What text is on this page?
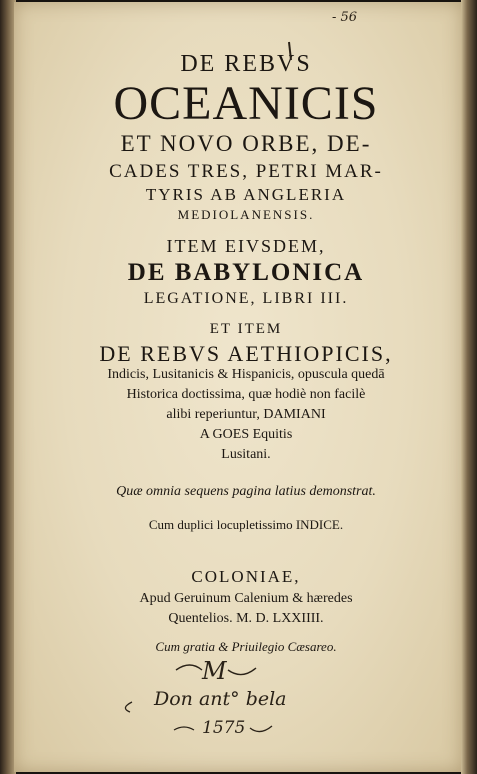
DE REBVS
OCEANICIS
ET NOVO ORBE, DE-
CADES TRES, PETRI MAR-
TYRIS AB ANGLERIA
MEDIOLANENSIS.
ITEM EIVSDEM,
DE BABYLONICA
LEGATIONE, LIBRI III.
ET ITEM
DE REBVS AETHIOPICIS,
Indicis, Lusitanicis & Hispanicis, opuscula quedā
Historica doctissima, quæ hodiè non facilè
alibi reperiuntur, DAMIANI
A GOES Equitis
Lusitani.
Quæ omnia sequens pagina latius demonstrat.
Cum duplici locupletissimo INDICE.
COLONIAE,
Apud Geruinum Calenium & hæredes
Quentelios. M. D. LXXIIII.
Cum gratia & Priuilegio Cæsareo.
- 56
M
Don ant° bela
1575
